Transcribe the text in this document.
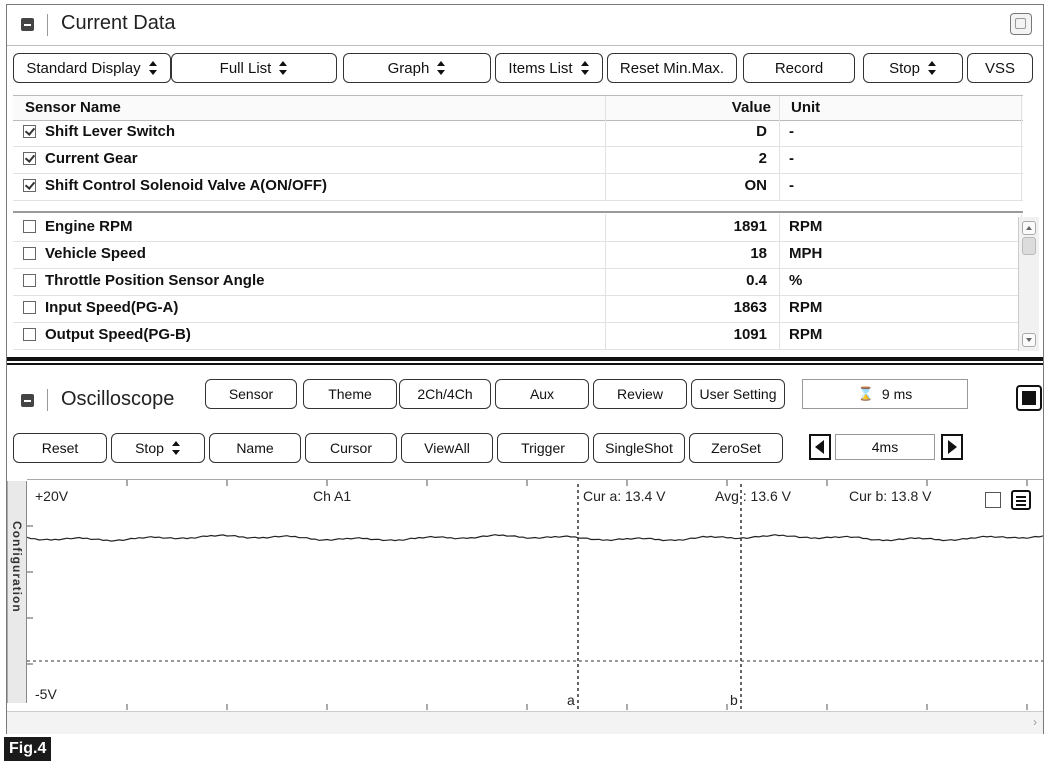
Current Data
Standard Display	Full List	Graph	Items List	Reset Min.Max.	Record	Stop	VSS
Sensor Name	Value Unit
Shift Lever Switch	D -
Current Gear	2 -
Shift Control Solenoid Valve A(ON/OFF)	ON -
Engine RPM	1891 RPM
Vehicle Speed	18 MPH
Throttle Position Sensor Angle	0.4 %
Input Speed(PG-A)	1863 RPM
Output Speed(PG-B)	1091 RPM
Oscilloscope	Sensor	Theme	2Ch/4Ch	Aux	Review	User Setting	⌛ 9 ms
Reset	Stop	Name	Cursor	ViewAll	Trigger	SingleShot	ZeroSet	4ms
Configuration
+20V	Ch A1	Cur a: 13.4 V	Avg : 13.6 V	Cur b: 13.8 V
-5V	a	b
›
Fig.4
